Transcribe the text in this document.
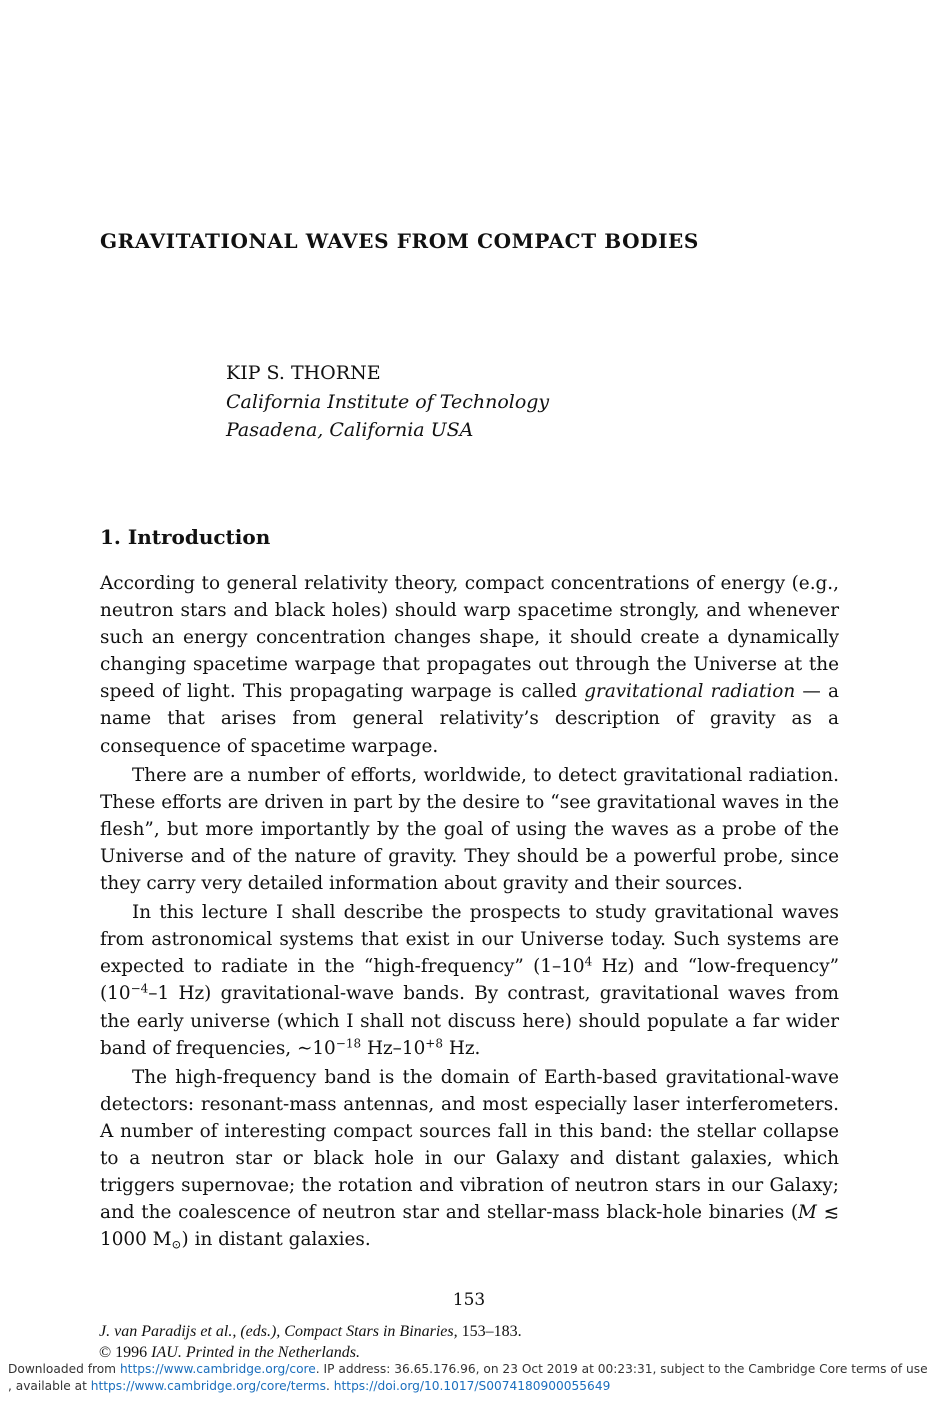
GRAVITATIONAL WAVES FROM COMPACT BODIES
KIP S. THORNE
California Institute of Technology
Pasadena, California USA
1. Introduction

According to general relativity theory, compact concentrations of energy (e.g., neutron stars and black holes) should warp spacetime strongly, and whenever such an energy concentration changes shape, it should create a dynamically changing spacetime warpage that propagates out through the Universe at the speed of light. This propagating warpage is called gravitational radiation — a name that arises from general relativity’s description of gravity as a consequence of spacetime warpage.

There are a number of efforts, worldwide, to detect gravitational radiation. These efforts are driven in part by the desire to “see gravitational waves in the flesh”, but more importantly by the goal of using the waves as a probe of the Universe and of the nature of gravity. They should be a powerful probe, since they carry very detailed information about gravity and their sources.

In this lecture I shall describe the prospects to study gravitational waves from astronomical systems that exist in our Universe today. Such systems are expected to radiate in the “high-frequency” ($1-10^4$ Hz) and “low-frequency” ($10^{-4}-1$ Hz) gravitational-wave bands. By contrast, gravitational waves from the early universe (which I shall not discuss here) should populate a far wider band of frequencies, $\sim 10^{-18}$ $Hz-10^{+8}$ Hz.

The high-frequency band is the domain of Earth-based gravitational-wave detectors: resonant-mass antennas, and most especially laser interferometers. A number of interesting compact sources fall in this band: the stellar collapse to a neutron star or black hole in our Galaxy and distant galaxies, which triggers supernovae; the rotation and vibration of neutron stars in our Galaxy; and the coalescence of neutron star and stellar-mass black-hole binaries (M ≲ 1000 $M_⊙$) in distant galaxies.

153
J. van Paradijs et al., (eds.), Compact Stars in Binaries, 153–183.
© 1996 IAU. Printed in the Netherlands.
Downloaded from https://www.cambridge.org/core. IP address: 36.65.176.96, on 23 Oct 2019 at 00:23:31, subject to the Cambridge Core terms of use
, available at https://www.cambridge.org/core/terms. https://doi.org/10.1017/S0074180900055649
